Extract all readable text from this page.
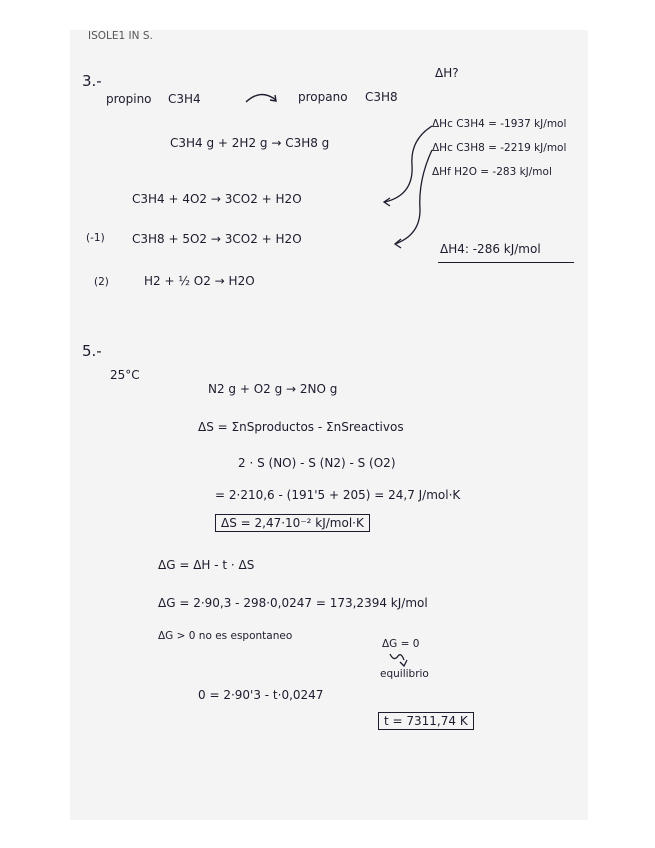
ISOLE1 IN S.
3.-	ΔH?
propino C3H4	propano C3H8
C3H4 g + 2H2 g → C3H8 g
ΔHc C3H4 = -1937 kJ/mol
ΔHc C3H8 = -2219 kJ/mol
ΔHf H2O = -283 kJ/mol
C3H4 + 4O2 → 3CO2 + H2O
(-1) C3H8 + 5O2 → 3CO2 + H2O
(2)	H2 + ½ O2 → H2O
ΔH4: -286 kJ/mol
5.-
25°C
N2 g + O2 g → 2NO g
ΔS = ΣnSproductos - ΣnSreactivos
2 · S (NO) - S (N2) - S (O2)
= 2·210,6 - (191'5 + 205) = 24,7 J/mol·K
ΔS = 2,47·10⁻² kJ/mol·K
ΔG = ΔH - t · ΔS
ΔG = 2·90,3 - 298·0,0247 = 173,2394 kJ/mol
ΔG > 0 no es espontaneo
ΔG = 0
equilibrio
0 = 2·90'3 - t·0,0247
t = 7311,74 K
